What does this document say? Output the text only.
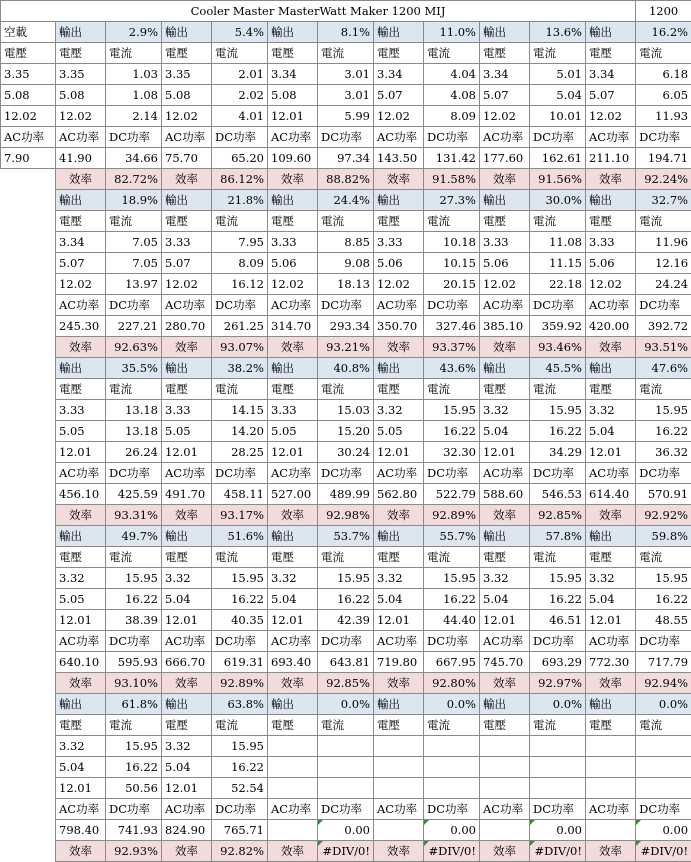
Cooler Master MasterWatt Maker 1200 MIJ												1200
空載	輸出	2.9%	輸出	5.4%	輸出	8.1%	輸出	11.0%	輸出	13.6%	輸出	16.2%
電壓	電壓	電流	電壓	電流	電壓	電流	電壓	電流	電壓	電流	電壓	電流
3.35	3.35	1.03	3.35	2.01	3.34	3.01	3.34	4.04	3.34	5.01	3.34	6.18
5.08	5.08	1.08	5.08	2.02	5.08	3.01	5.07	4.08	5.07	5.04	5.07	6.05
12.02	12.02	2.14	12.02	4.01	12.01	5.99	12.02	8.09	12.02	10.01	12.02	11.93
AC功率	AC功率	DC功率	AC功率	DC功率	AC功率	DC功率	AC功率	DC功率	AC功率	DC功率	AC功率	DC功率
7.90	41.90	34.66	75.70	65.20	109.60	97.34	143.50	131.42	177.60	162.61	211.10	194.71
	效率	82.72%	效率	86.12%	效率	88.82%	效率	91.58%	效率	91.56%	效率	92.24%
	輸出	18.9%	輸出	21.8%	輸出	24.4%	輸出	27.3%	輸出	30.0%	輸出	32.7%
	電壓	電流	電壓	電流	電壓	電流	電壓	電流	電壓	電流	電壓	電流
	3.34	7.05	3.33	7.95	3.33	8.85	3.33	10.18	3.33	11.08	3.33	11.96
	5.07	7.05	5.07	8.09	5.06	9.08	5.06	10.15	5.06	11.15	5.06	12.16
	12.02	13.97	12.02	16.12	12.02	18.13	12.02	20.15	12.02	22.18	12.02	24.24
	AC功率	DC功率	AC功率	DC功率	AC功率	DC功率	AC功率	DC功率	AC功率	DC功率	AC功率	DC功率
	245.30	227.21	280.70	261.25	314.70	293.34	350.70	327.46	385.10	359.92	420.00	392.72
	效率	92.63%	效率	93.07%	效率	93.21%	效率	93.37%	效率	93.46%	效率	93.51%
	輸出	35.5%	輸出	38.2%	輸出	40.8%	輸出	43.6%	輸出	45.5%	輸出	47.6%
	電壓	電流	電壓	電流	電壓	電流	電壓	電流	電壓	電流	電壓	電流
	3.33	13.18	3.33	14.15	3.33	15.03	3.32	15.95	3.32	15.95	3.32	15.95
	5.05	13.18	5.05	14.20	5.05	15.20	5.05	16.22	5.04	16.22	5.04	16.22
	12.01	26.24	12.01	28.25	12.01	30.24	12.01	32.30	12.01	34.29	12.01	36.32
	AC功率	DC功率	AC功率	DC功率	AC功率	DC功率	AC功率	DC功率	AC功率	DC功率	AC功率	DC功率
	456.10	425.59	491.70	458.11	527.00	489.99	562.80	522.79	588.60	546.53	614.40	570.91
	效率	93.31%	效率	93.17%	效率	92.98%	效率	92.89%	效率	92.85%	效率	92.92%
	輸出	49.7%	輸出	51.6%	輸出	53.7%	輸出	55.7%	輸出	57.8%	輸出	59.8%
	電壓	電流	電壓	電流	電壓	電流	電壓	電流	電壓	電流	電壓	電流
	3.32	15.95	3.32	15.95	3.32	15.95	3.32	15.95	3.32	15.95	3.32	15.95
	5.05	16.22	5.04	16.22	5.04	16.22	5.04	16.22	5.04	16.22	5.04	16.22
	12.01	38.39	12.01	40.35	12.01	42.39	12.01	44.40	12.01	46.51	12.01	48.55
	AC功率	DC功率	AC功率	DC功率	AC功率	DC功率	AC功率	DC功率	AC功率	DC功率	AC功率	DC功率
	640.10	595.93	666.70	619.31	693.40	643.81	719.80	667.95	745.70	693.29	772.30	717.79
	效率	93.10%	效率	92.89%	效率	92.85%	效率	92.80%	效率	92.97%	效率	92.94%
	輸出	61.8%	輸出	63.8%	輸出	0.0%	輸出	0.0%	輸出	0.0%	輸出	0.0%
	電壓	電流	電壓	電流	電壓	電流	電壓	電流	電壓	電流	電壓	電流
	3.32	15.95	3.32	15.95								
	5.04	16.22	5.04	16.22								
	12.01	50.56	12.01	52.54								
	AC功率	DC功率	AC功率	DC功率	AC功率	DC功率	AC功率	DC功率	AC功率	DC功率	AC功率	DC功率
	798.40	741.93	824.90	765.71		0.00		0.00		0.00		0.00
	效率	92.93%	效率	92.82%	效率	#DIV/0!	效率	#DIV/0!	效率	#DIV/0!	效率	#DIV/0!
